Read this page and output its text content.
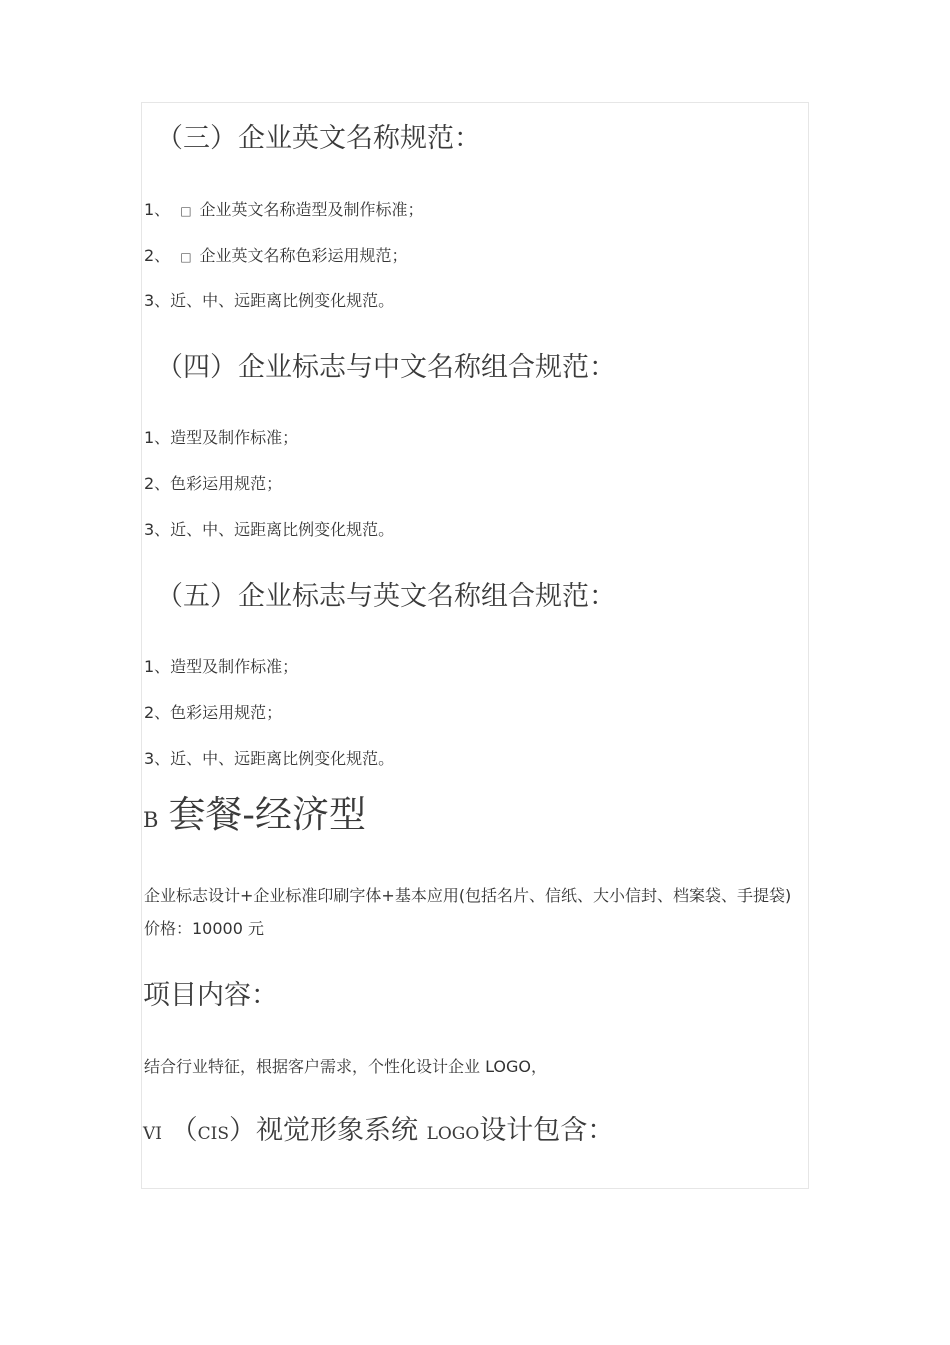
（三）企业英文名称规范：

1、 □ 企业英文名称造型及制作标准；

2、 □ 企业英文名称色彩运用规范；

3、近、中、远距离比例变化规范。

（四）企业标志与中文名称组合规范：

1、造型及制作标准；

2、色彩运用规范；

3、近、中、远距离比例变化规范。

（五）企业标志与英文名称组合规范：

1、造型及制作标准；

2、色彩运用规范；

3、近、中、远距离比例变化规范。

B 套餐-经济型

企业标志设计+企业标准印刷字体+基本应用(包括名片、信纸、大小信封、档案袋、手提袋) 价格：10000 元

项目内容：

结合行业特征，根据客户需求，个性化设计企业 LOGO，

VI （CIS）视觉形象系统 LOGO设计包含：
